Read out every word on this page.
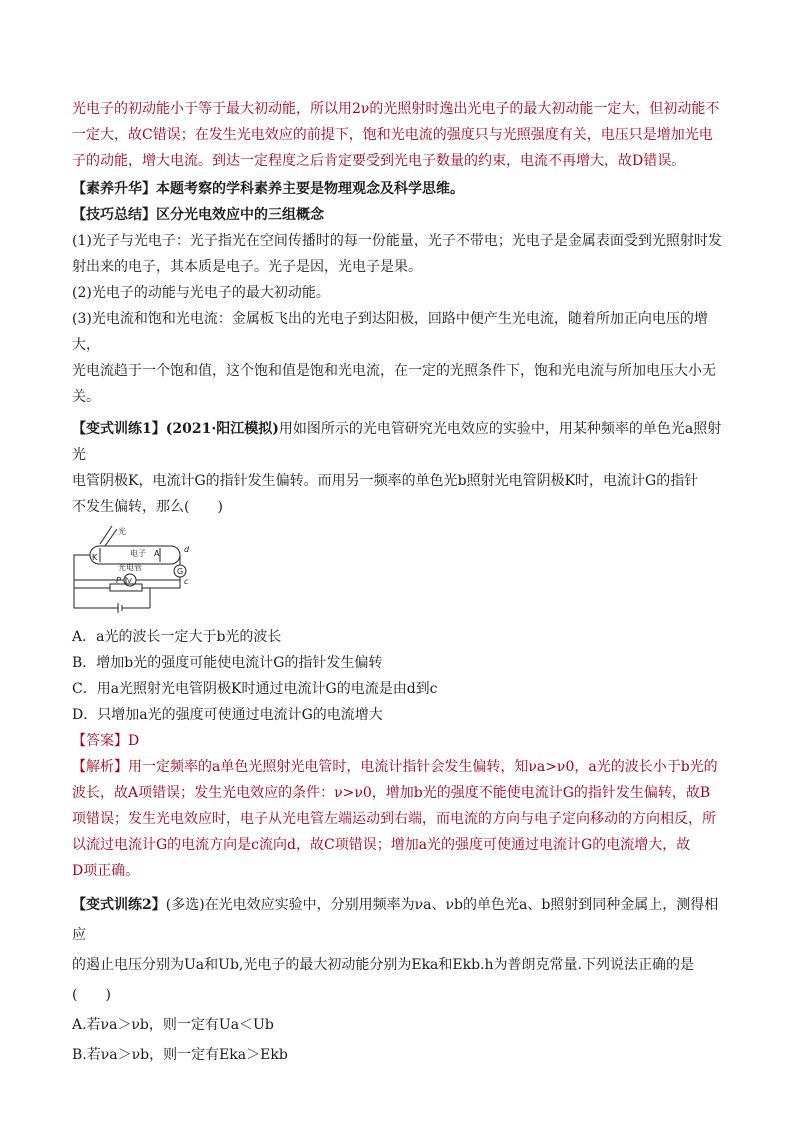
光电子的初动能小于等于最大初动能，所以用2ν的光照射时逸出光电子的最大初动能一定大，但初动能不

一定大，故C错误；在发生光电效应的前提下，饱和光电流的强度只与光照强度有关，电压只是增加光电

子的动能，增大电流。到达一定程度之后肯定要受到光电子数量的约束，电流不再增大，故D错误。

【素养升华】本题考察的学科素养主要是物理观念及科学思维。

【技巧总结】区分光电效应中的三组概念

(1)光子与光电子：光子指光在空间传播时的每一份能量，光子不带电；光电子是金属表面受到光照射时发

射出来的电子，其本质是电子。光子是因，光电子是果。

(2)光电子的动能与光电子的最大初动能。

(3)光电流和饱和光电流：金属板飞出的光电子到达阳极，回路中便产生光电流，随着所加正向电压的增大，

光电流趋于一个饱和值，这个饱和值是饱和光电流，在一定的光照条件下，饱和光电流与所加电压大小无

关。

【变式训练1】(2021·阳江模拟)用如图所示的光电管研究光电效应的实验中，用某种频率的单色光a照射光

电管阴极K，电流计G的指针发生偏转。而用另一频率的单色光b照射光电管阴极K时，电流计G的指针

不发生偏转，那么(　　)

光
K	电子 A
光电管
d
G
c
V
P

A．a光的波长一定大于b光的波长

B．增加b光的强度可能使电流计G的指针发生偏转

C．用a光照射光电管阴极K时通过电流计G的电流是由d到c

D．只增加a光的强度可使通过电流计G的电流增大

【答案】D

【解析】用一定频率的a单色光照射光电管时，电流计指针会发生偏转，知νa>ν0，a光的波长小于b光的

波长，故A项错误；发生光电效应的条件：ν>ν0，增加b光的强度不能使电流计G的指针发生偏转，故B

项错误；发生光电效应时，电子从光电管左端运动到右端，而电流的方向与电子定向移动的方向相反，所

以流过电流计G的电流方向是c流向d，故C项错误；增加a光的强度可使通过电流计G的电流增大，故

D项正确。

【变式训练2】(多选)在光电效应实验中，分别用频率为νa、νb的单色光a、b照射到同种金属上，测得相应

的遏止电压分别为Ua和Ub,光电子的最大初动能分别为Eka和Ekb.h为普朗克常量.下列说法正确的是(　　)

A.若νa＞νb，则一定有Ua＜Ub

B.若νa＞νb，则一定有Eka＞Ekb
